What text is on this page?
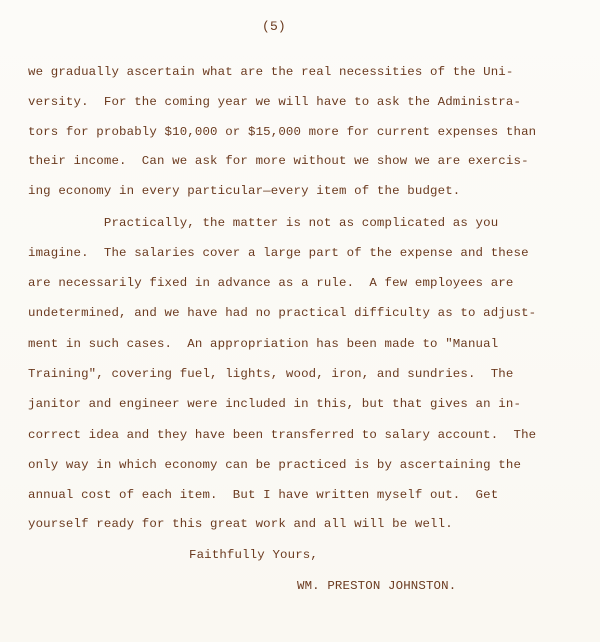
(5)
we gradually ascertain what are the real necessities of the Uni-
versity.  For the coming year we will have to ask the Administra-
tors for probably $10,000 or $15,000 more for current expenses than
their income.  Can we ask for more without we show we are exercis-
ing economy in every particular—every item of the budget.
Practically, the matter is not as complicated as you
imagine.  The salaries cover a large part of the expense and these
are necessarily fixed in advance as a rule.  A few employees are
undetermined, and we have had no practical difficulty as to adjust-
ment in such cases.  An appropriation has been made to "Manual
Training", covering fuel, lights, wood, iron, and sundries.  The
janitor and engineer were included in this, but that gives an in-
correct idea and they have been transferred to salary account.  The
only way in which economy can be practiced is by ascertaining the
annual cost of each item.  But I have written myself out.  Get
yourself ready for this great work and all will be well.
Faithfully Yours,
WM. PRESTON JOHNSTON.
